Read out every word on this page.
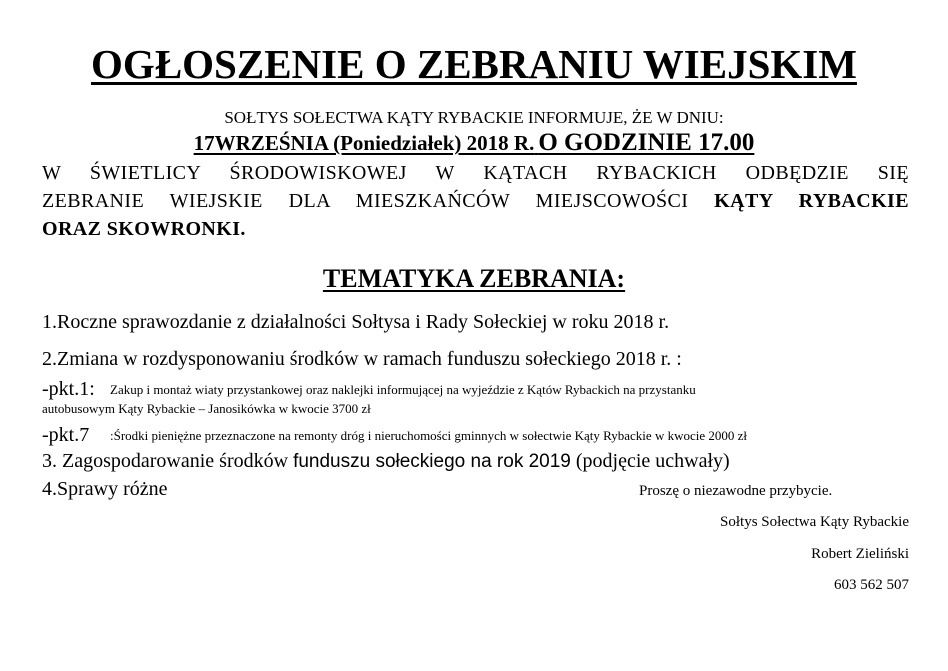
OGŁOSZENIE O ZEBRANIU WIEJSKIM
SOŁTYS SOŁECTWA KĄTY RYBACKIE INFORMUJE, ŻE W DNIU:
17WRZEŚNIA (Poniedziałek) 2018 R. O GODZINIE 17.00
W ŚWIETLICY ŚRODOWISKOWEJ W KĄTACH RYBACKICH ODBĘDZIE SIĘ
ZEBRANIE WIEJSKIE DLA MIESZKAŃCÓW MIEJSCOWOŚCI KĄTY RYBACKIE
ORAZ SKOWRONKI.
TEMATYKA ZEBRANIA:
1.Roczne sprawozdanie z działalności Sołtysa i Rady Sołeckiej w roku 2018 r.
2.Zmiana w rozdysponowaniu środków w ramach funduszu sołeckiego 2018 r. :
-pkt.1: Zakup i montaż wiaty przystankowej oraz naklejki informującej na wyjeździe z Kątów Rybackich na przystanku
autobusowym Kąty Rybackie – Janosikówka w kwocie 3700 zł
-pkt.7 :Środki pieniężne przeznaczone na remonty dróg i nieruchomości gminnych w sołectwie Kąty Rybackie w kwocie 2000 zł
3. Zagospodarowanie środków funduszu sołeckiego na rok 2019 (podjęcie uchwały)
4.Sprawy różne	Proszę o niezawodne przybycie.
Sołtys Sołectwa Kąty Rybackie
Robert Zieliński
603 562 507
